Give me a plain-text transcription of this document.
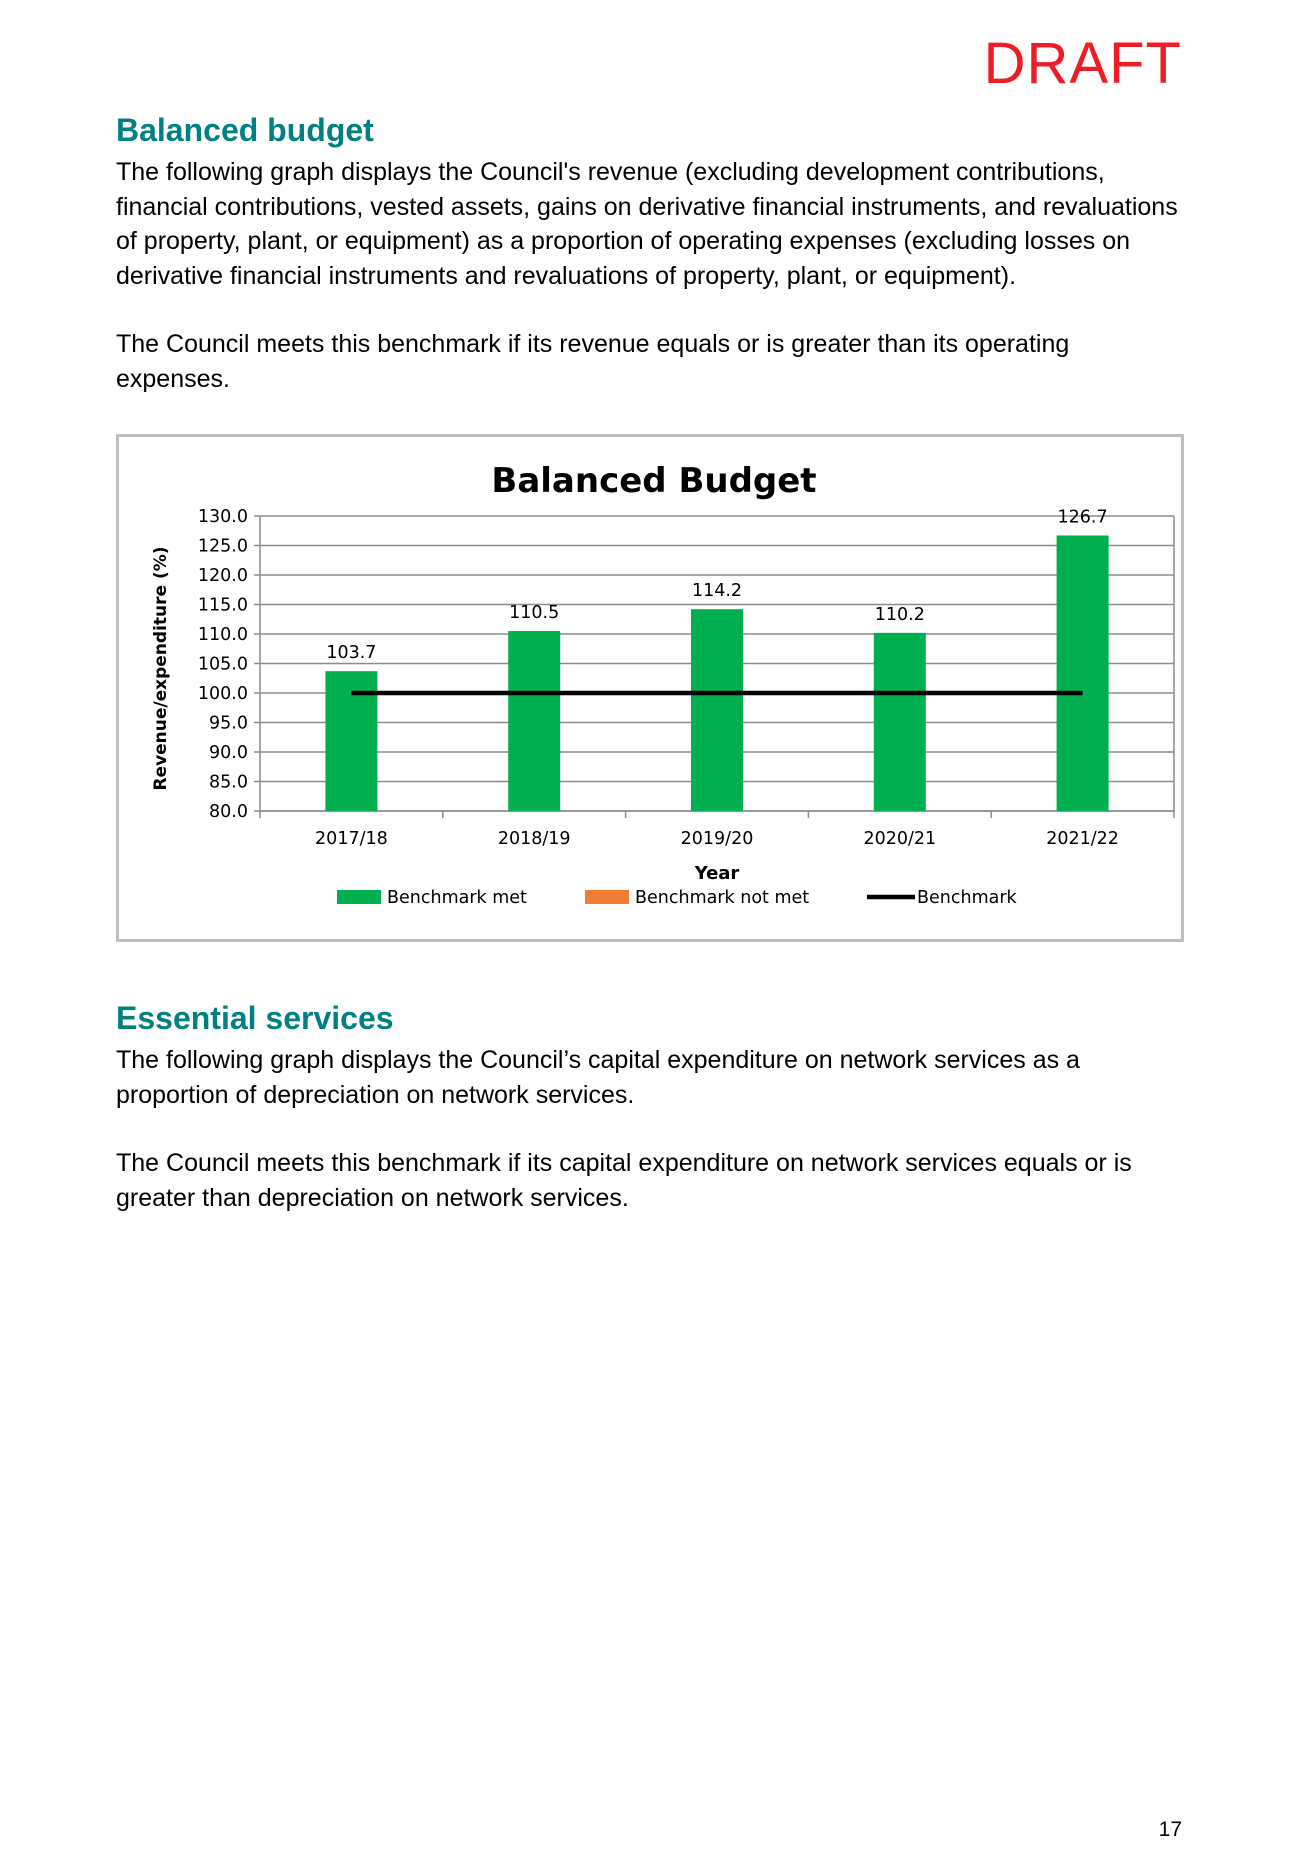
DRAFT
Balanced budget

The following graph displays the Council's revenue (excluding development contributions, financial contributions, vested assets, gains on derivative financial instruments, and revaluations of property, plant, or equipment) as a proportion of operating expenses (excluding losses on derivative financial instruments and revaluations of property, plant, or equipment).

The Council meets this benchmark if its revenue equals or is greater than its operating expenses.

Balanced Budget
80.0
85.0
90.0
95.0
100.0
105.0
110.0
115.0
120.0
125.0
130.0
103.7
110.5
114.2
110.2
126.7
2017/18	2018/19	2019/20	2020/21	2021/22
Year
Revenue/expenditure (%)
Benchmark met	Benchmark not met	Benchmark
Essential services

The following graph displays the Council’s capital expenditure on network services as a proportion of depreciation on network services.

The Council meets this benchmark if its capital expenditure on network services equals or is greater than depreciation on network services.

17
